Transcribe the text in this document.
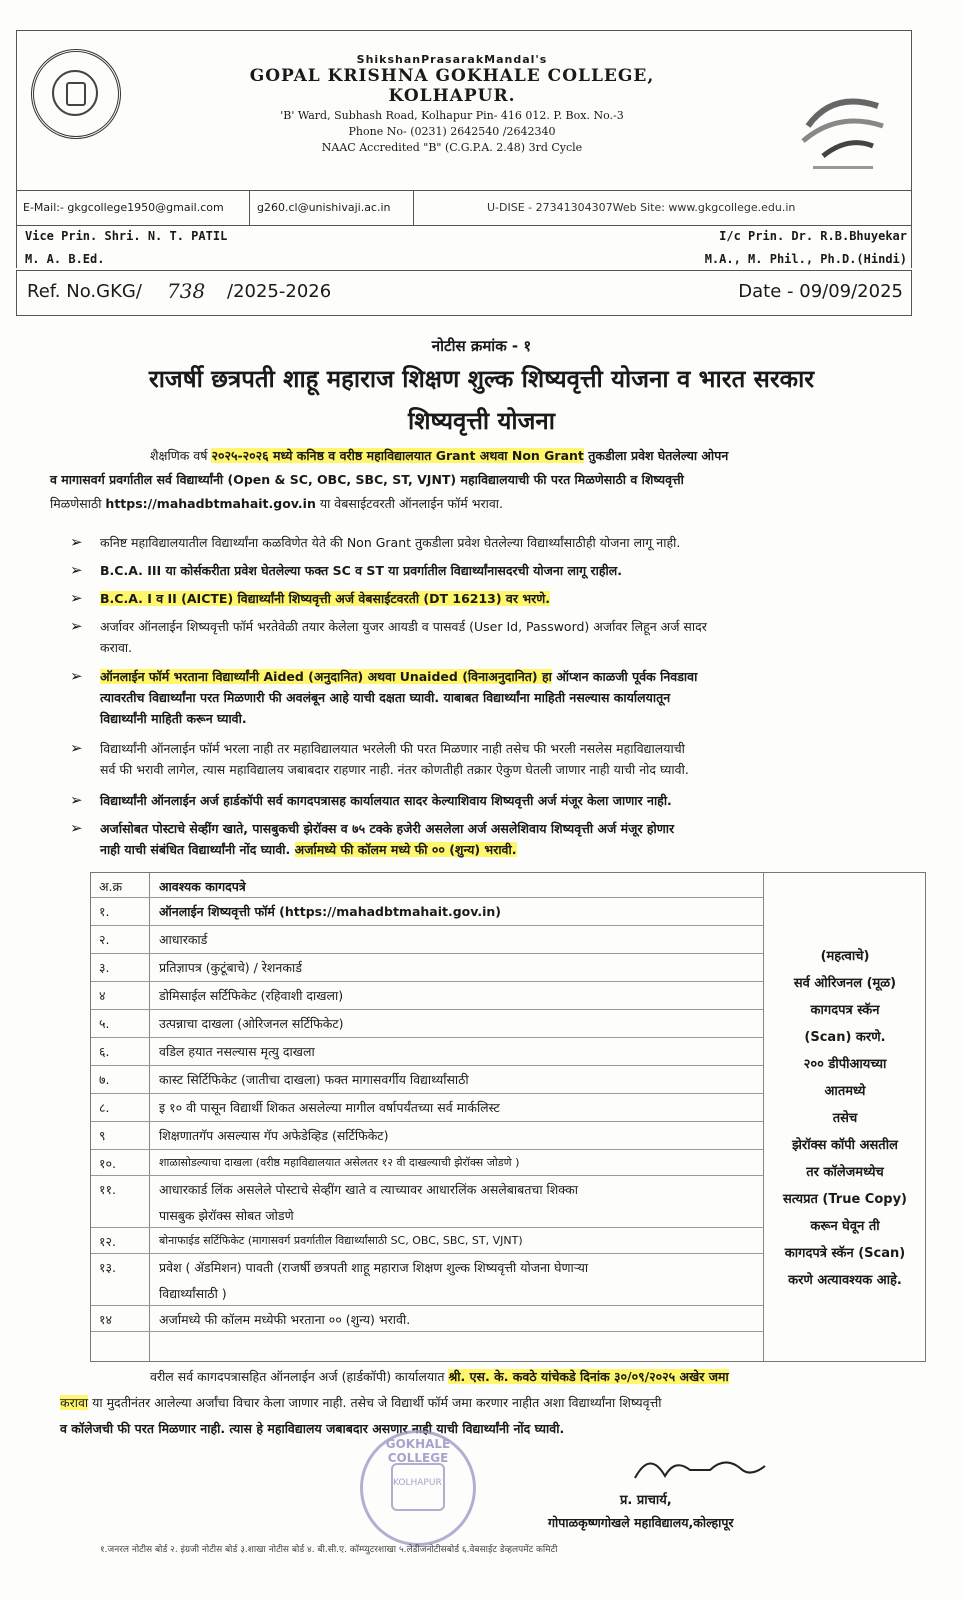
ShikshanPrasarakMandal's
GOPAL KRISHNA GOKHALE COLLEGE,
KOLHAPUR.
'B' Ward, Subhash Road, Kolhapur Pin- 416 012. P. Box. No.-3
Phone No- (0231) 2642540 /2642340
NAAC Accredited "B" (C.G.P.A. 2.48) 3rd Cycle
E-Mail:- gkgcollege1950@gmail.com	g260.cl@unishivaji.ac.in	U-DISE - 27341304307Web Site: www.gkgcollege.edu.in
Vice Prin. Shri. N. T. PATIL
M. A. B.Ed.
I/c Prin. Dr. R.B.Bhuyekar
M.A., M. Phil., Ph.D.(Hindi)
Ref. No.GKG/ 738 /2025-2026	Date - 09/09/2025
नोटीस क्रमांक - १
राजर्षी छत्रपती शाहू महाराज शिक्षण शुल्क शिष्यवृत्ती योजना व भारत सरकार
शिष्यवृत्ती योजना
शैक्षणिक वर्ष २०२५-२०२६ मध्ये कनिष्ठ व वरीष्ठ महाविद्यालयात Grant अथवा Non Grant तुकडीला प्रवेश घेतलेल्या ओपन
व मागासवर्ग प्रवर्गातील सर्व विद्यार्थ्यांनी (Open & SC, OBC, SBC, ST, VJNT) महाविद्यालयाची फी परत मिळणेसाठी व शिष्यवृत्ती
मिळणेसाठी https://mahadbtmahait.gov.in या वेबसाईटवरती ऑनलाईन फॉर्म भरावा.
➢ कनिष्ट महाविद्यालयातील विद्यार्थ्यांना कळविणेत येते की Non Grant तुकडीला प्रवेश घेतलेल्या विद्यार्थ्यांसाठीही योजना लागू नाही.
➢ B.C.A. III या कोर्सकरीता प्रवेश घेतलेल्या फक्त SC व ST या प्रवर्गातील विद्यार्थ्यांनासदरची योजना लागू राहील.
➢ B.C.A. I व II (AICTE) विद्यार्थ्यांनी शिष्यवृत्ती अर्ज वेबसाईटवरती (DT 16213) वर भरणे.
➢ अर्जावर ऑनलाईन शिष्यवृत्ती फॉर्म भरतेवेळी तयार केलेला युजर आयडी व पासवर्ड (User Id, Password) अर्जावर लिहून अर्ज सादर
करावा.
➢ ऑनलाईन फॉर्म भरताना विद्यार्थ्यांनी Aided (अनुदानित) अथवा Unaided (विनाअनुदानित) हा ऑप्शन काळजी पूर्वक निवडावा
त्यावरतीच विद्यार्थ्यांना परत मिळणारी फी अवलंबून आहे याची दक्षता घ्यावी. याबाबत विद्यार्थ्यांना माहिती नसल्यास कार्यालयातून
विद्यार्थ्यांनी माहिती करून घ्यावी.
➢ विद्यार्थ्यांनी ऑनलाईन फॉर्म भरला नाही तर महाविद्यालयात भरलेली फी परत मिळणार नाही तसेच फी भरली नसलेस महाविद्यालयाची
सर्व फी भरावी लागेल, त्यास महाविद्यालय जबाबदार राहणार नाही. नंतर कोणतीही तक्रार ऐकुण घेतली जाणार नाही याची नोद घ्यावी.
➢ विद्यार्थ्यांनी ऑनलाईन अर्ज हार्डकॉपी सर्व कागदपत्रासह कार्यालयात सादर केल्याशिवाय शिष्यवृत्ती अर्ज मंजूर केला जाणार नाही.
➢ अर्जासोबत पोस्टाचे सेव्हींग खाते, पासबुकची झेरॉक्स व ७५ टक्के हजेरी असलेला अर्ज असलेशिवाय शिष्यवृत्ती अर्ज मंजूर होणार
नाही याची संबंधित विद्यार्थ्यांनी नोंद घ्यावी. अर्जामध्ये फी कॉलम मध्ये फी ०० (शुन्य) भरावी.
अ.क्र	आवश्यक कागदपत्रे
१.	ऑनलाईन शिष्यवृत्ती फॉर्म (https://mahadbtmahait.gov.in)
२.	आधारकार्ड
३.	प्रतिज्ञापत्र (कुटूंबाचे) / रेशनकार्ड
४	डोमिसाईल सर्टिफिकेट (रहिवाशी दाखला)
५.	उत्पन्नाचा दाखला (ओरिजनल सर्टिफिकेट)
६.	वडिल हयात नसल्यास मृत्यु दाखला
७.	कास्ट सिर्टिफिकेट (जातीचा दाखला) फक्त मागासवर्गीय विद्यार्थ्यांसाठी
८.	इ १० वी पासून विद्यार्थी शिकत असलेल्या मागील वर्षापर्यंतच्या सर्व मार्कलिस्ट
९	शिक्षणातगॅप असल्यास गॅप अफेडेव्हिड (सर्टिफिकेट)
१०.	शाळासोडल्याचा दाखला (वरीष्ठ महाविद्यालयात असेलतर १२ वी दाखल्याची झेरॉक्स जोडणे )
११.	आधारकार्ड लिंक असलेले पोस्टाचे सेव्हींग खाते व त्याच्यावर आधारलिंक असलेबाबतचा शिक्का
पासबुक झेरॉक्स सोबत जोडणे
१२.	बोनाफाईड सर्टिफिकेट (मागासवर्ग प्रवर्गातील विद्यार्थ्यांसाठी SC, OBC, SBC, ST, VJNT)
१३.	प्रवेश ( ॲडमिशन) पावती (राजर्षी छत्रपती शाहू महाराज शिक्षण शुल्क शिष्यवृत्ती योजना घेणाऱ्या
विद्यार्थ्यांसाठी )
१४	अर्जामध्ये फी कॉलम मध्येफी भरताना ०० (शुन्य) भरावी.
(महत्वाचे)
सर्व ओरिजनल (मूळ)
कागदपत्र स्कॅन
(Scan) करणे.
२०० डीपीआयच्या
आतमध्ये
तसेच
झेरॉक्स कॉपी असतील
तर कॉलेजमध्येच
सत्यप्रत (True Copy)
करून घेवून ती
कागदपत्रे स्कॅन (Scan)
करणे अत्यावश्यक आहे.
वरील सर्व कागदपत्रासहित ऑनलाईन अर्ज (हार्डकॉपी) कार्यालयात श्री. एस. के. कवठे यांचेकडे दिनांक ३०/०९/२०२५ अखेर जमा
करावा या मुदतीनंतर आलेल्या अर्जांचा विचार केला जाणार नाही. तसेच जे विद्यार्थी फॉर्म जमा करणार नाहीत अशा विद्यार्थ्यांना शिष्यवृत्ती
व कॉलेजची फी परत मिळणार नाही. त्यास हे महाविद्यालय जबाबदार असणार नाही याची विद्यार्थ्यांनी नोंद घ्यावी.
GOKHALE COLLEGE
KOLHAPUR
प्र. प्राचार्य,
गोपाळकृष्णगोखले महाविद्यालय,कोल्हापूर
१.जनरल नोटीस बोर्ड २. इंग्रजी नोटीस बोर्ड ३.शाखा नोटीस बोर्ड ४. बी.सी.ए. कॉम्प्युटरशाखा ५.लेडीजनोटीसबोर्ड ६.वेबसाईट डेव्हलपमेंट कमिटी
